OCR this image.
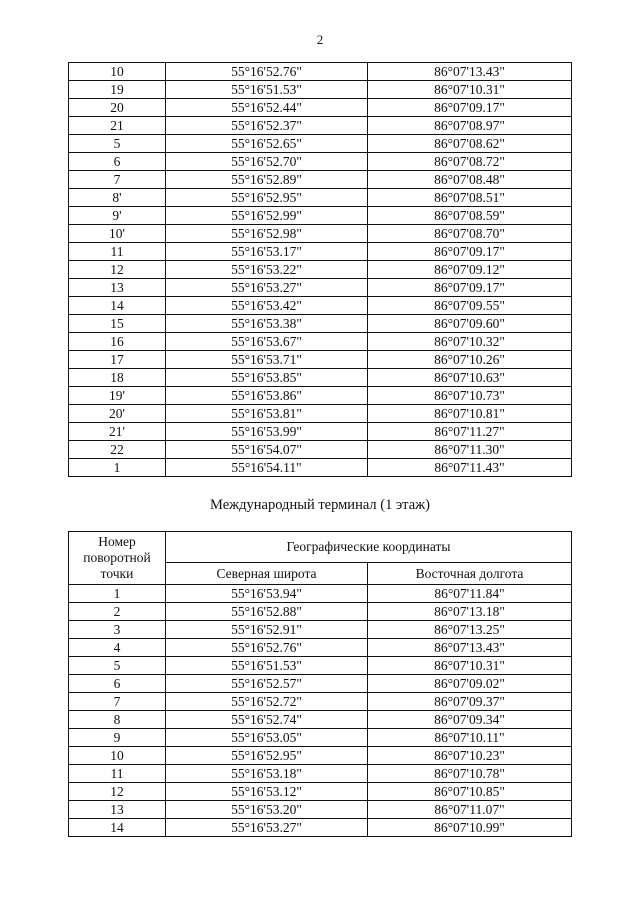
2
10	55°16'52.76"	86°07'13.43"
19	55°16'51.53"	86°07'10.31"
20	55°16'52.44"	86°07'09.17"
21	55°16'52.37"	86°07'08.97"
5	55°16'52.65"	86°07'08.62"
6	55°16'52.70"	86°07'08.72"
7	55°16'52.89"	86°07'08.48"
8'	55°16'52.95"	86°07'08.51"
9'	55°16'52.99"	86°07'08.59"
10'	55°16'52.98"	86°07'08.70"
11	55°16'53.17"	86°07'09.17"
12	55°16'53.22"	86°07'09.12"
13	55°16'53.27"	86°07'09.17"
14	55°16'53.42"	86°07'09.55"
15	55°16'53.38"	86°07'09.60"
16	55°16'53.67"	86°07'10.32"
17	55°16'53.71"	86°07'10.26"
18	55°16'53.85"	86°07'10.63"
19'	55°16'53.86"	86°07'10.73"
20'	55°16'53.81"	86°07'10.81"
21'	55°16'53.99"	86°07'11.27"
22	55°16'54.07"	86°07'11.30"
1	55°16'54.11"	86°07'11.43"
Международный терминал (1 этаж)
Номер поворотной точки	Географические координаты	
	Северная широта	Восточная долгота
1	55°16'53.94"	86°07'11.84"
2	55°16'52.88"	86°07'13.18"
3	55°16'52.91"	86°07'13.25"
4	55°16'52.76"	86°07'13.43"
5	55°16'51.53"	86°07'10.31"
6	55°16'52.57"	86°07'09.02"
7	55°16'52.72"	86°07'09.37"
8	55°16'52.74"	86°07'09.34"
9	55°16'53.05"	86°07'10.11"
10	55°16'52.95"	86°07'10.23"
11	55°16'53.18"	86°07'10.78"
12	55°16'53.12"	86°07'10.85"
13	55°16'53.20"	86°07'11.07"
14	55°16'53.27"	86°07'10.99"
